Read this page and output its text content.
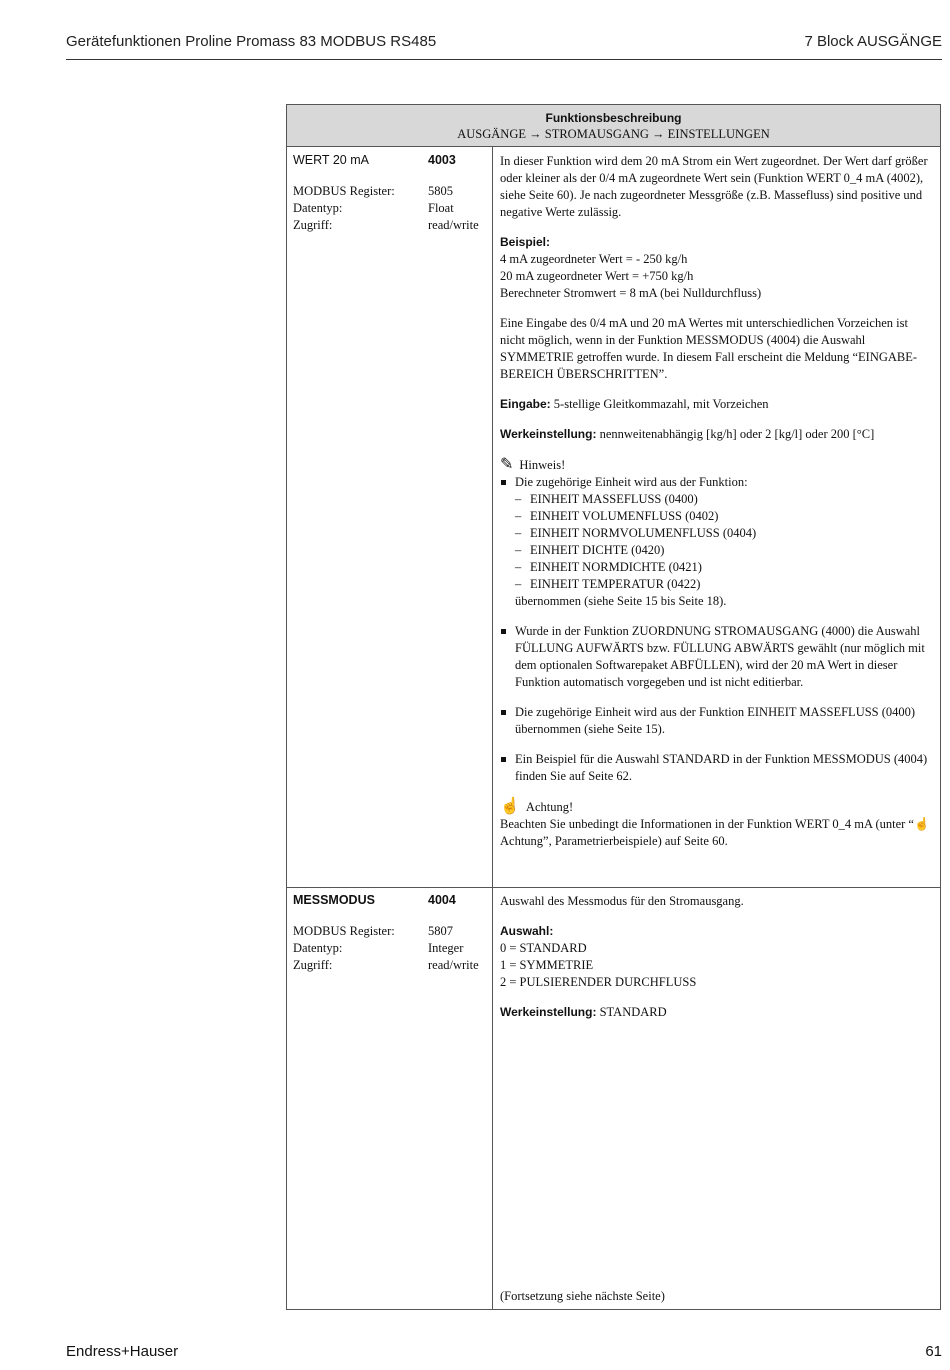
Gerätefunktionen Proline Promass 83 MODBUS RS485	7 Block AUSGÄNGE
Funktionsbeschreibung
AUSGÄNGE → STROMAUSGANG → EINSTELLUNGEN
WERT 20 mA	4003
MODBUS Register:	5805
Datentyp:	Float
Zugriff:	read/write

In dieser Funktion wird dem 20 mA Strom ein Wert zugeordnet. Der Wert darf größer oder kleiner als der 0/4 mA zugeordnete Wert sein (Funktion WERT 0_4 mA (4002), siehe Seite 60). Je nach zugeordneter Messgröße (z.B. Massefluss) sind positive und negative Werte zulässig.

Beispiel:
4 mA zugeordneter Wert = - 250 kg/h
20 mA zugeordneter Wert = +750 kg/h
Berechneter Stromwert = 8 mA (bei Nulldurchfluss)

Eine Eingabe des 0/4 mA und 20 mA Wertes mit unterschiedlichen Vorzeichen ist nicht möglich, wenn in der Funktion MESSMODUS (4004) die Auswahl SYMMETRIE getroffen wurde. In diesem Fall erscheint die Meldung “EINGABE-BEREICH ÜBERSCHRITTEN”.

Eingabe: 5-stellige Gleitkommazahl, mit Vorzeichen

Werkeinstellung: nennweitenabhängig [kg/h] oder 2 [kg/l] oder 200 [°C]

✎ Hinweis!
Die zugehörige Einheit wird aus der Funktion:
– EINHEIT MASSEFLUSS (0400)
– EINHEIT VOLUMENFLUSS (0402)
– EINHEIT NORMVOLUMENFLUSS (0404)
– EINHEIT DICHTE (0420)
– EINHEIT NORMDICHTE (0421)
– EINHEIT TEMPERATUR (0422)
übernommen (siehe Seite 15 bis Seite 18).
Wurde in der Funktion ZUORDNUNG STROMAUSGANG (4000) die Auswahl FÜLLUNG AUFWÄRTS bzw. FÜLLUNG ABWÄRTS gewählt (nur möglich mit dem optionalen Softwarepaket ABFÜLLEN), wird der 20 mA Wert in dieser Funktion automatisch vorgegeben und ist nicht editierbar.
Die zugehörige Einheit wird aus der Funktion EINHEIT MASSEFLUSS (0400) übernommen (siehe Seite 15).
Ein Beispiel für die Auswahl STANDARD in der Funktion MESSMODUS (4004) finden Sie auf Seite 62.
☝ Achtung!
Beachten Sie unbedingt die Informationen in der Funktion WERT 0_4 mA (unter “☝ Achtung”, Parametrierbeispiele) auf Seite 60.
MESSMODUS	4004
MODBUS Register:	5807
Datentyp:	Integer
Zugriff:	read/write

Auswahl des Messmodus für den Stromausgang.

Auswahl:
0 = STANDARD
1 = SYMMETRIE
2 = PULSIERENDER DURCHFLUSS

Werkeinstellung: STANDARD

(Fortsetzung siehe nächste Seite)
Endress+Hauser	61
